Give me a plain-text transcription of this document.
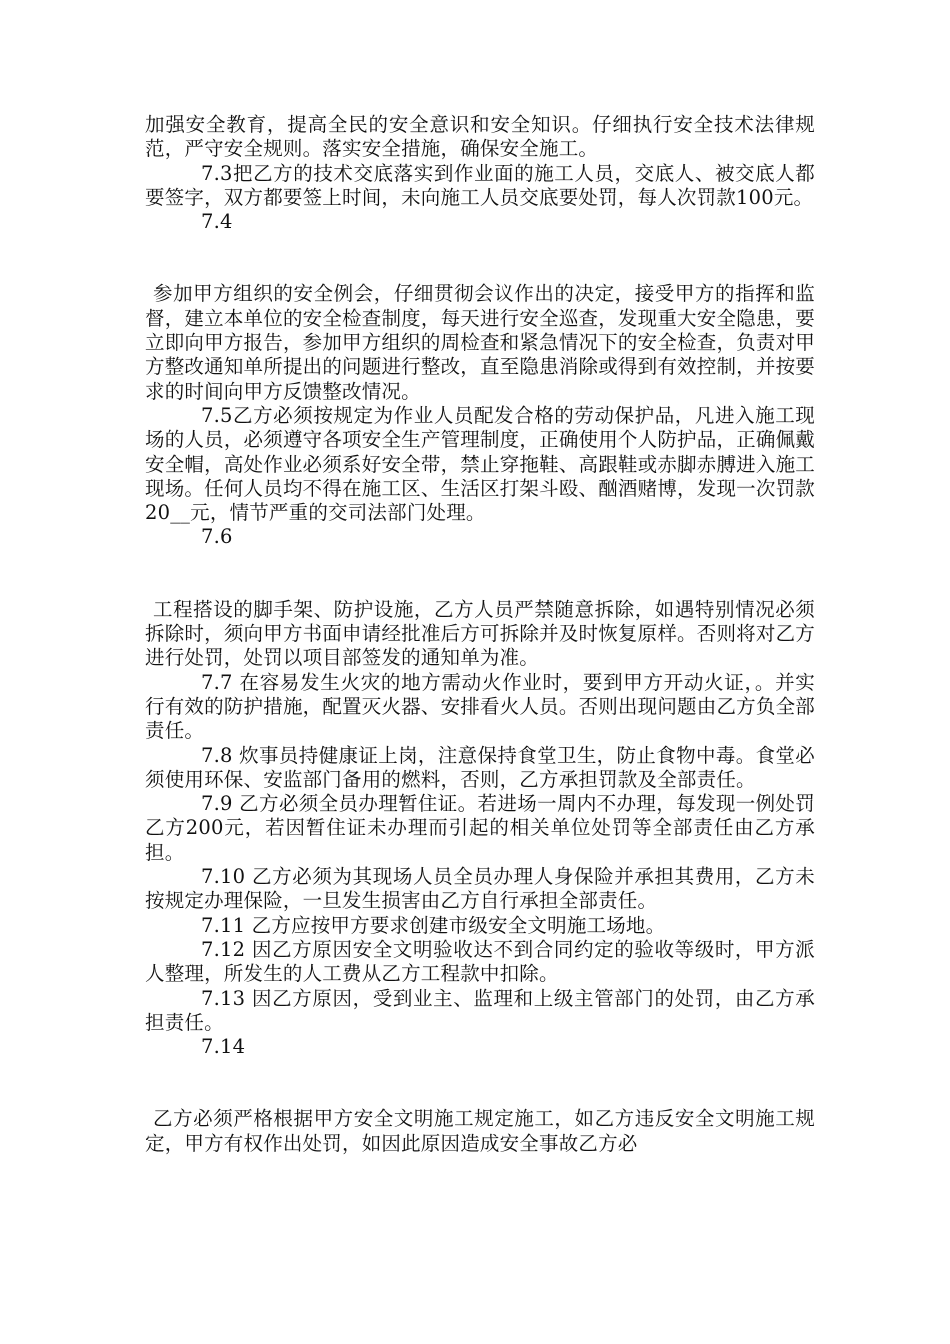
加强安全教育，提高全民的安全意识和安全知识。仔细执行安全技术法律规范，严守安全规则。落实安全措施，确保安全施工。

7.3把乙方的技术交底落实到作业面的施工人员，交底人、被交底人都要签字，双方都要签上时间，未向施工人员交底要处罚，每人次罚款100元。

7.4

参加甲方组织的安全例会，仔细贯彻会议作出的决定，接受甲方的指挥和监督，建立本单位的安全检查制度，每天进行安全巡查，发现重大安全隐患，要立即向甲方报告，参加甲方组织的周检查和紧急情况下的安全检查，负责对甲方整改通知单所提出的问题进行整改，直至隐患消除或得到有效控制，并按要求的时间向甲方反馈整改情况。

7.5乙方必须按规定为作业人员配发合格的劳动保护品，凡进入施工现场的人员，必须遵守各项安全生产管理制度，正确使用个人防护品，正确佩戴安全帽，高处作业必须系好安全带，禁止穿拖鞋、高跟鞋或赤脚赤膊进入施工现场。任何人员均不得在施工区、生活区打架斗殴、酗酒赌博，发现一次罚款20__元，情节严重的交司法部门处理。

7.6

工程搭设的脚手架、防护设施，乙方人员严禁随意拆除，如遇特别情况必须拆除时，须向甲方书面申请经批准后方可拆除并及时恢复原样。否则将对乙方进行处罚，处罚以项目部签发的通知单为准。

7.7 在容易发生火灾的地方需动火作业时，要到甲方开动火证，。并实行有效的防护措施，配置灭火器、安排看火人员。否则出现问题由乙方负全部责任。

7.8 炊事员持健康证上岗，注意保持食堂卫生，防止食物中毒。食堂必须使用环保、安监部门备用的燃料，否则，乙方承担罚款及全部责任。

7.9 乙方必须全员办理暂住证。若进场一周内不办理，每发现一例处罚乙方200元，若因暂住证未办理而引起的相关单位处罚等全部责任由乙方承担。

7.10 乙方必须为其现场人员全员办理人身保险并承担其费用，乙方未按规定办理保险，一旦发生损害由乙方自行承担全部责任。

7.11 乙方应按甲方要求创建市级安全文明施工场地。

7.12 因乙方原因安全文明验收达不到合同约定的验收等级时，甲方派人整理，所发生的人工费从乙方工程款中扣除。

7.13 因乙方原因，受到业主、监理和上级主管部门的处罚，由乙方承担责任。

7.14

乙方必须严格根据甲方安全文明施工规定施工，如乙方违反安全文明施工规定，甲方有权作出处罚，如因此原因造成安全事故乙方必
